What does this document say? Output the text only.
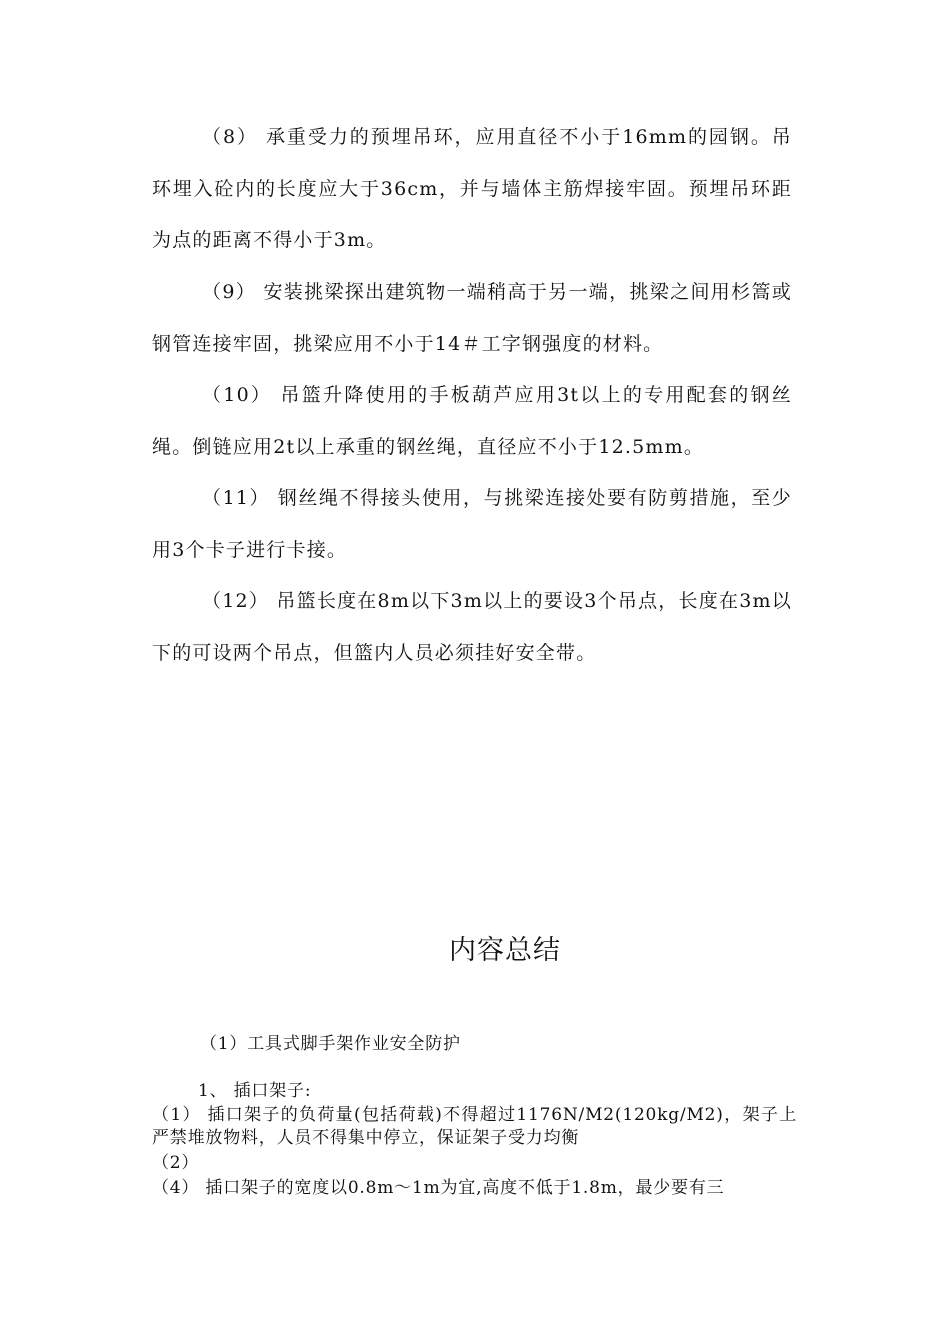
（8） 承重受力的预埋吊环，应用直径不小于16mm的园钢。吊环埋入砼内的长度应大于36cm，并与墙体主筋焊接牢固。预埋吊环距为点的距离不得小于3m。

（9） 安装挑梁探出建筑物一端稍高于另一端，挑梁之间用杉篙或钢管连接牢固，挑梁应用不小于14＃工字钢强度的材料。

（10） 吊篮升降使用的手板葫芦应用3t以上的专用配套的钢丝绳。倒链应用2t以上承重的钢丝绳，直径应不小于12.5mm。

（11） 钢丝绳不得接头使用，与挑梁连接处要有防剪措施，至少用3个卡子进行卡接。

（12） 吊篮长度在8m以下3m以上的要设3个吊点，长度在3m以下的可设两个吊点，但篮内人员必须挂好安全带。

内容总结

（1）工具式脚手架作业安全防护

1、 插口架子:

（1） 插口架子的负荷量(包括荷载)不得超过1176N/M2(120kg/M2)，架子上严禁堆放物料，人员不得集中停立，保证架子受力均衡

（2）

（4） 插口架子的宽度以0.8m～1m为宜,高度不低于1.8m，最少要有三
